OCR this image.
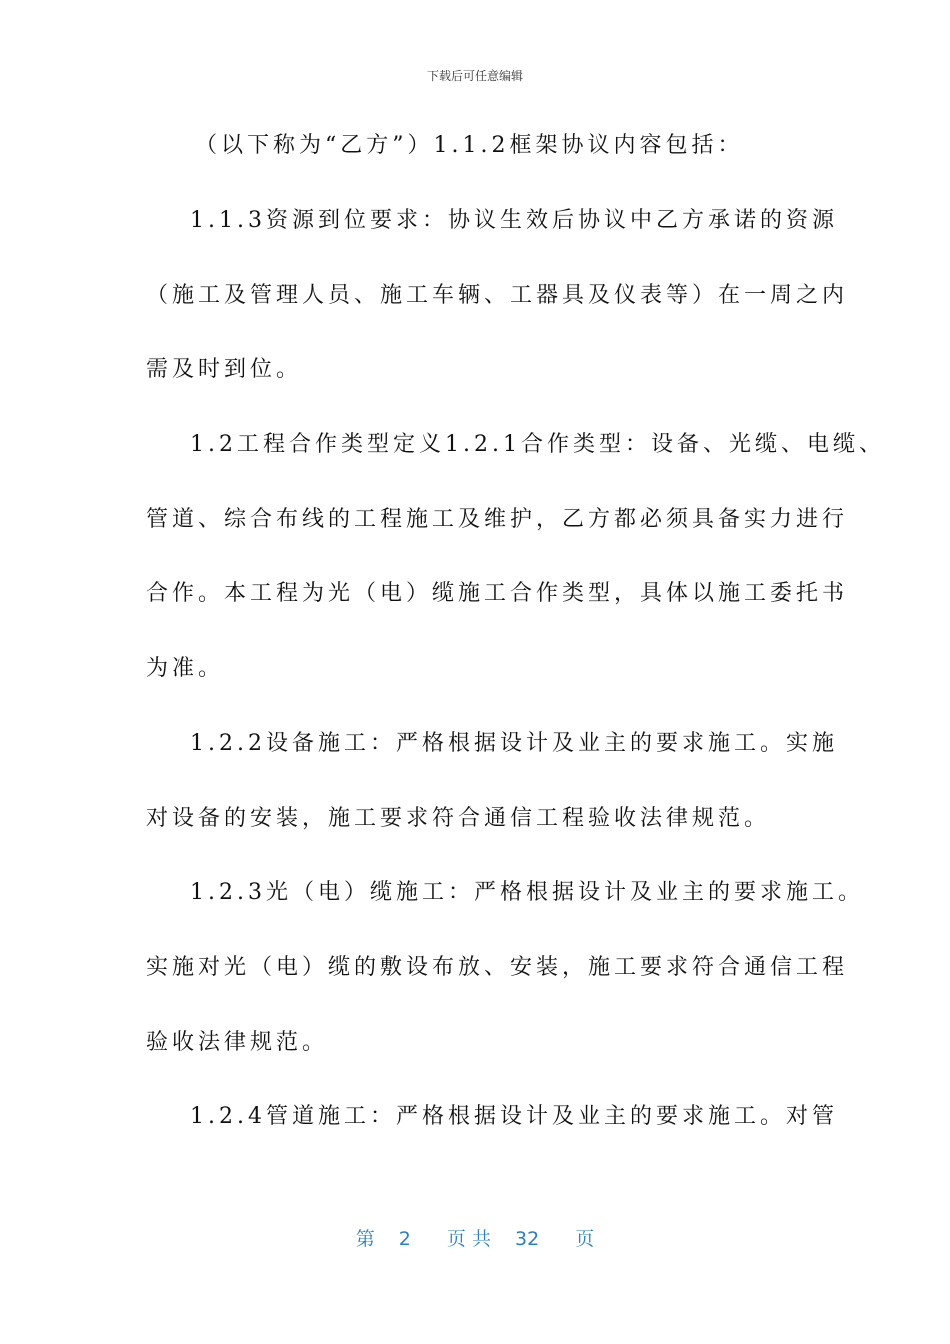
下载后可任意编辑
（以下称为“乙方”）1.1.2框架协议内容包括：
1.1.3资源到位要求：协议生效后协议中乙方承诺的资源
（施工及管理人员、施工车辆、工器具及仪表等）在一周之内
需及时到位。
1.2工程合作类型定义1.2.1合作类型：设备、光缆、电缆、
管道、综合布线的工程施工及维护，乙方都必须具备实力进行
合作。本工程为光（电）缆施工合作类型，具体以施工委托书
为准。
1.2.2设备施工：严格根据设计及业主的要求施工。实施
对设备的安装，施工要求符合通信工程验收法律规范。
1.2.3光（电）缆施工：严格根据设计及业主的要求施工。
实施对光（电）缆的敷设布放、安装，施工要求符合通信工程
验收法律规范。
1.2.4管道施工：严格根据设计及业主的要求施工。对管
第 2 页 共 32 页
